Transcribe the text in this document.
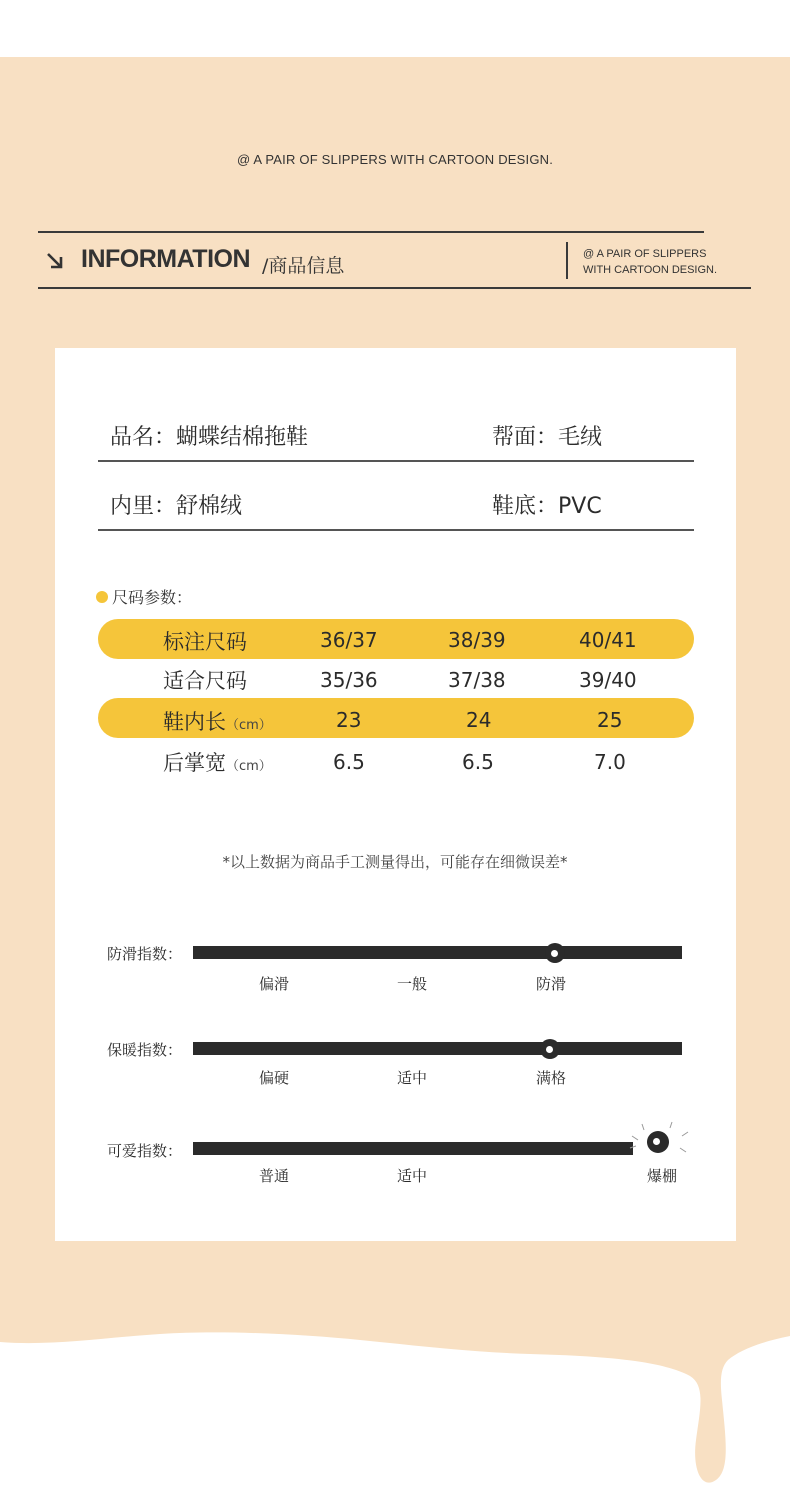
@ A PAIR OF SLIPPERS WITH CARTOON DESIGN.
INFORMATION /商品信息
@ A PAIR OF SLIPPERS
WITH CARTOON DESIGN.
品名：蝴蝶结棉拖鞋	帮面：毛绒
内里：舒棉绒	鞋底：PVC
尺码参数：
标注尺码	36/37	38/39	40/41
适合尺码	35/36	37/38	39/40
鞋内长（cm）	23	24	25
后掌宽（cm）	6.5	6.5	7.0
*以上数据为商品手工测量得出，可能存在细微误差*
防滑指数：
偏滑	一般	防滑
保暖指数：
偏硬	适中	满格
可爱指数：
普通	适中	爆棚
